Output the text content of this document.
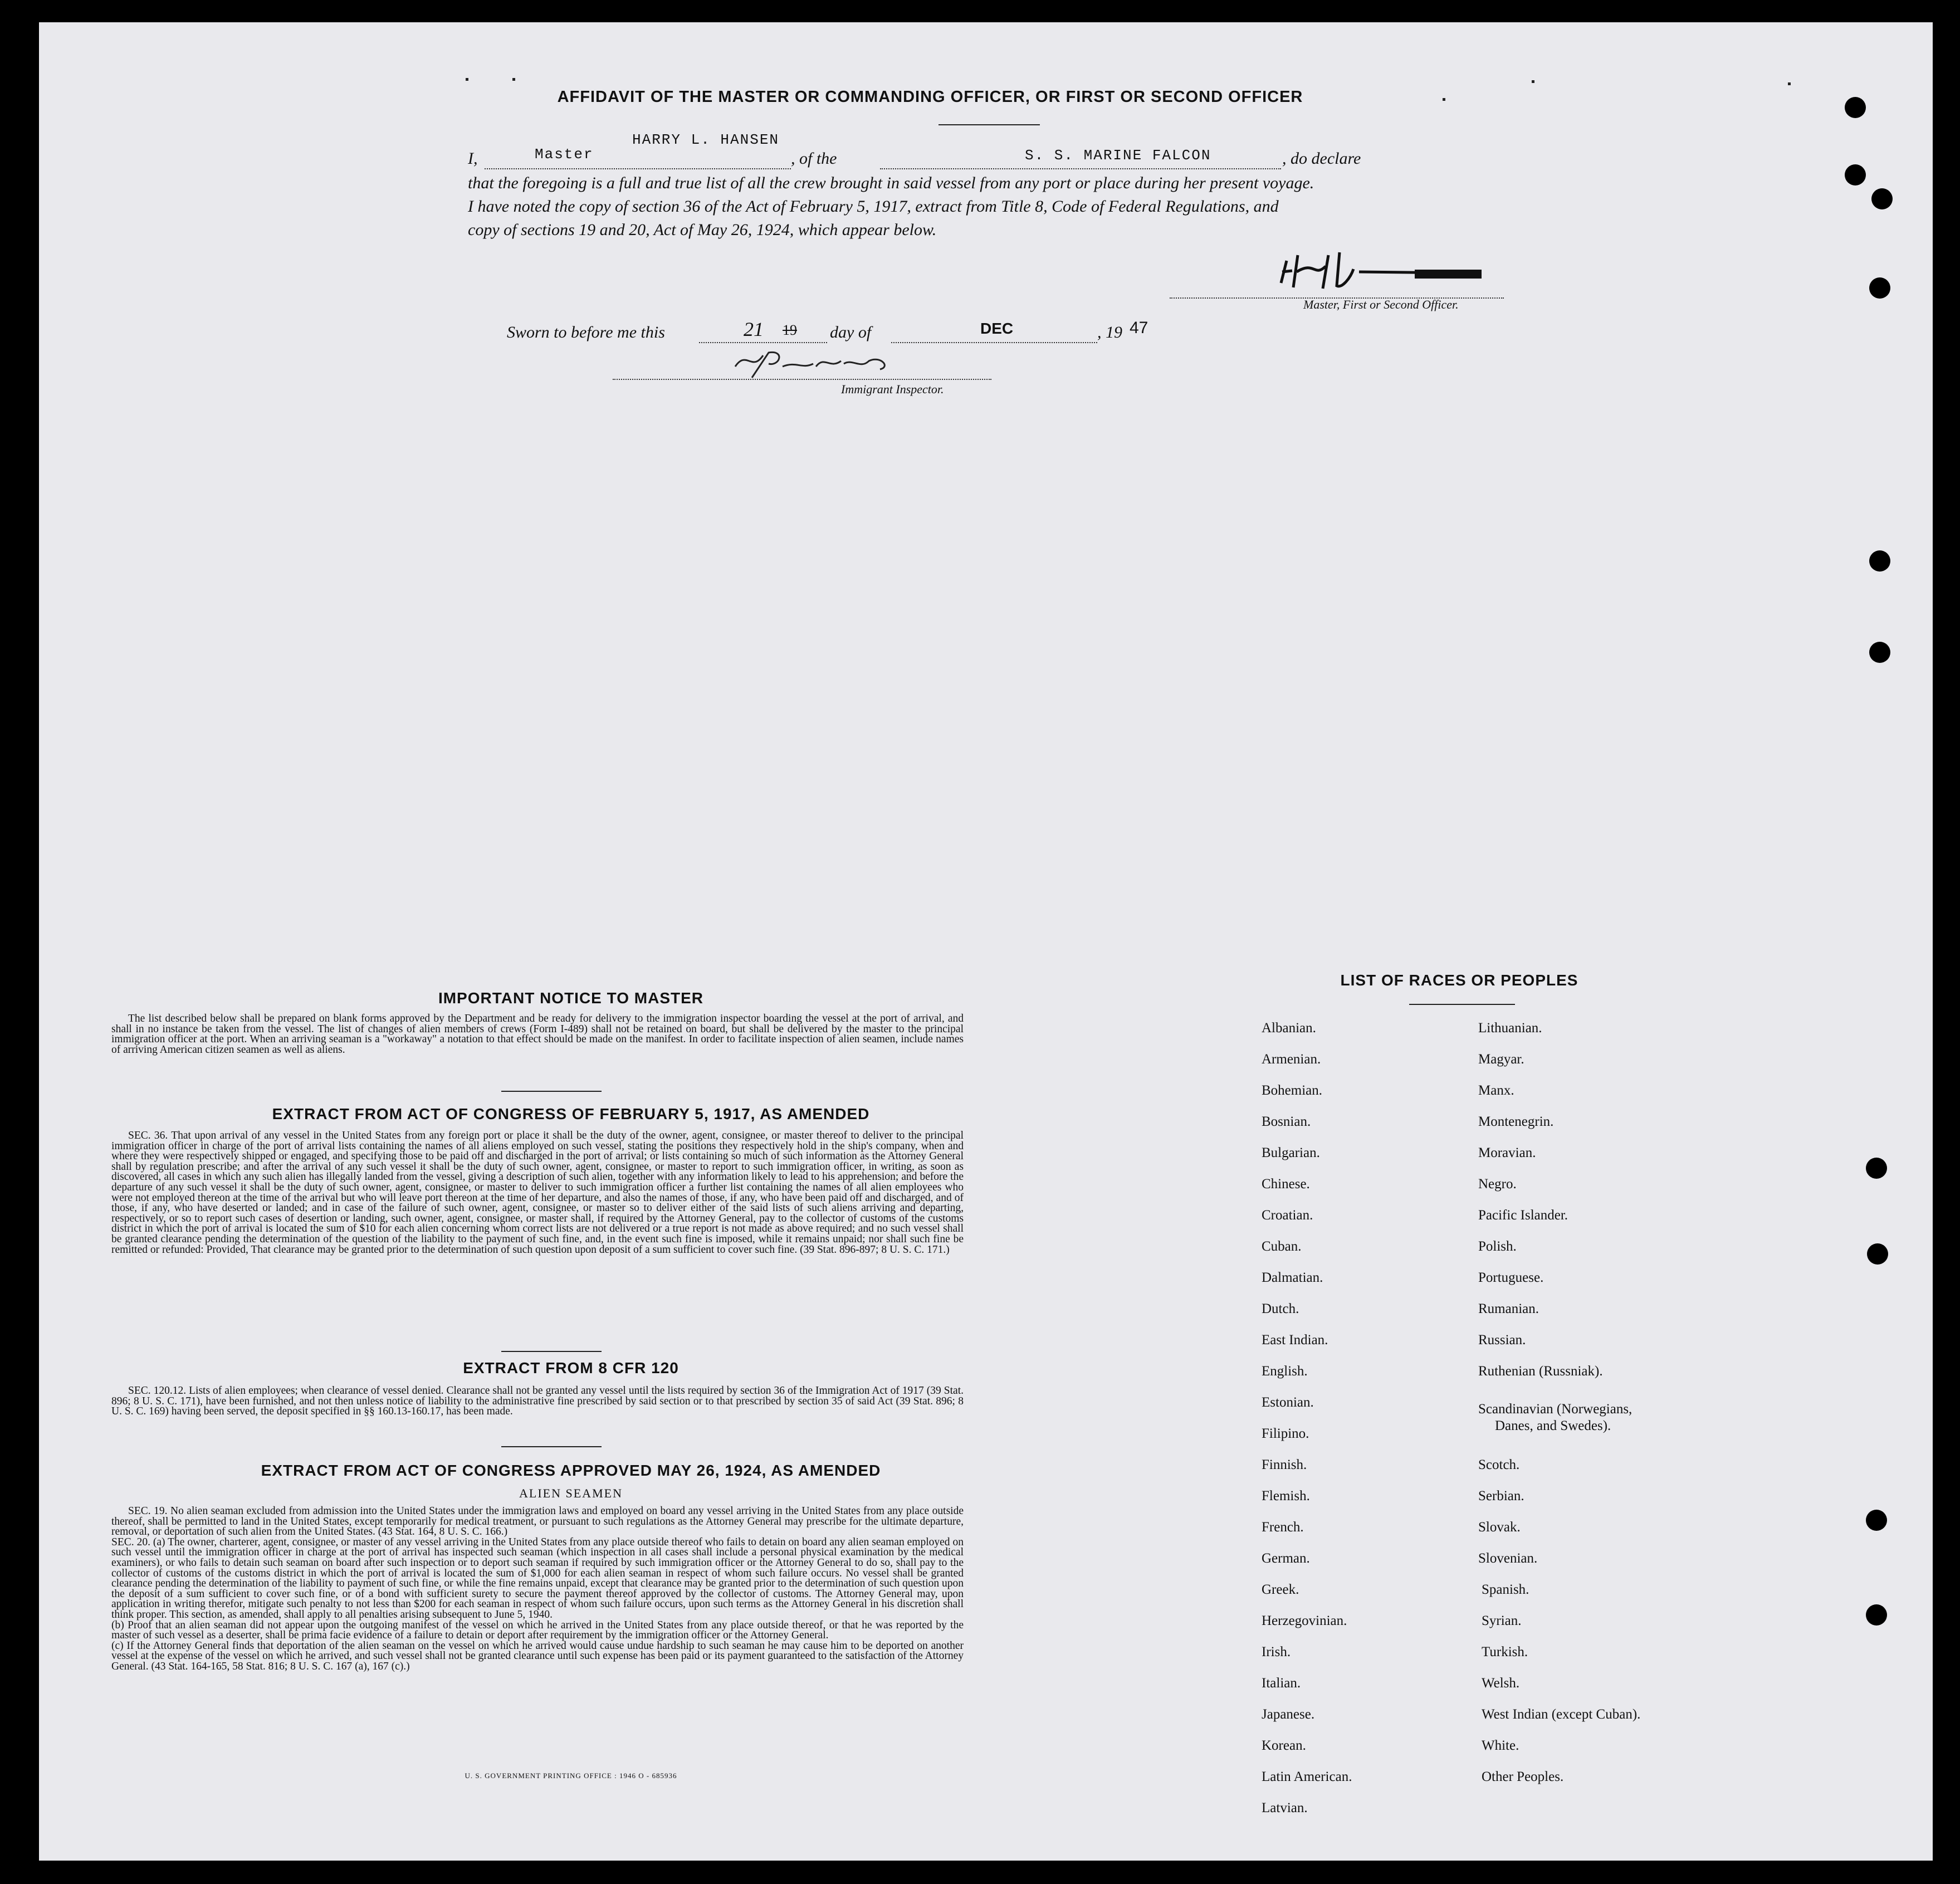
AFFIDAVIT OF THE MASTER OR COMMANDING OFFICER, OR FIRST OR SECOND OFFICER
HARRY L. HANSEN
I,	Master	, of the	S. S. MARINE FALCON	, do declare
that the foregoing is a full and true list of all the crew brought in said vessel from any port or place during her present voyage.
I have noted the copy of section 36 of the Act of February 5, 1917, extract from Title 8, Code of Federal Regulations, and
copy of sections 19 and 20, Act of May 26, 1924, which appear below.
Master, First or Second Officer.
Sworn to before me this	21 19 day of	DEC	, 19 47
Immigrant Inspector.
IMPORTANT NOTICE TO MASTER
The list described below shall be prepared on blank forms approved by the Department and be ready for delivery to the immigration inspector boarding the vessel at the port of arrival, and shall in no instance be taken from the vessel. The list of changes of alien members of crews (Form I-489) shall not be retained on board, but shall be delivered by the master to the principal immigration officer at the port. When an arriving seaman is a "workaway" a notation to that effect should be made on the manifest. In order to facilitate inspection of alien seamen, include names of arriving American citizen seamen as well as aliens.
EXTRACT FROM ACT OF CONGRESS OF FEBRUARY 5, 1917, AS AMENDED
SEC. 36. That upon arrival of any vessel in the United States from any foreign port or place it shall be the duty of the owner, agent, consignee, or master thereof to deliver to the principal immigration officer in charge of the port of arrival lists containing the names of all aliens employed on such vessel, stating the positions they respectively hold in the ship's company, when and where they were respectively shipped or engaged, and specifying those to be paid off and discharged in the port of arrival; or lists containing so much of such information as the Attorney General shall by regulation prescribe; and after the arrival of any such vessel it shall be the duty of such owner, agent, consignee, or master to report to such immigration officer, in writing, as soon as discovered, all cases in which any such alien has illegally landed from the vessel, giving a description of such alien, together with any information likely to lead to his apprehension; and before the departure of any such vessel it shall be the duty of such owner, agent, consignee, or master to deliver to such immigration officer a further list containing the names of all alien employees who were not employed thereon at the time of the arrival but who will leave port thereon at the time of her departure, and also the names of those, if any, who have been paid off and discharged, and of those, if any, who have deserted or landed; and in case of the failure of such owner, agent, consignee, or master so to deliver either of the said lists of such aliens arriving and departing, respectively, or so to report such cases of desertion or landing, such owner, agent, consignee, or master shall, if required by the Attorney General, pay to the collector of customs of the customs district in which the port of arrival is located the sum of $10 for each alien concerning whom correct lists are not delivered or a true report is not made as above required; and no such vessel shall be granted clearance pending the determination of the question of the liability to the payment of such fine, and, in the event such fine is imposed, while it remains unpaid; nor shall such fine be remitted or refunded: Provided, That clearance may be granted prior to the determination of such question upon deposit of a sum sufficient to cover such fine. (39 Stat. 896-897; 8 U. S. C. 171.)
EXTRACT FROM 8 CFR 120
SEC. 120.12. Lists of alien employees; when clearance of vessel denied. Clearance shall not be granted any vessel until the lists required by section 36 of the Immigration Act of 1917 (39 Stat. 896; 8 U. S. C. 171), have been furnished, and not then unless notice of liability to the administrative fine prescribed by said section or to that prescribed by section 35 of said Act (39 Stat. 896; 8 U. S. C. 169) having been served, the deposit specified in §§ 160.13-160.17, has been made.
EXTRACT FROM ACT OF CONGRESS APPROVED MAY 26, 1924, AS AMENDED
ALIEN SEAMEN
SEC. 19. No alien seaman excluded from admission into the United States under the immigration laws and employed on board any vessel arriving in the United States from any place outside thereof, shall be permitted to land in the United States, except temporarily for medical treatment, or pursuant to such regulations as the Attorney General may prescribe for the ultimate departure, removal, or deportation of such alien from the United States. (43 Stat. 164, 8 U. S. C. 166.)
SEC. 20. (a) The owner, charterer, agent, consignee, or master of any vessel arriving in the United States from any place outside thereof who fails to detain on board any alien seaman employed on such vessel until the immigration officer in charge at the port of arrival has inspected such seaman (which inspection in all cases shall include a personal physical examination by the medical examiners), or who fails to detain such seaman on board after such inspection or to deport such seaman if required by such immigration officer or the Attorney General to do so, shall pay to the collector of customs of the customs district in which the port of arrival is located the sum of $1,000 for each alien seaman in respect of whom such failure occurs. No vessel shall be granted clearance pending the determination of the liability to payment of such fine, or while the fine remains unpaid, except that clearance may be granted prior to the determination of such question upon the deposit of a sum sufficient to cover such fine, or of a bond with sufficient surety to secure the payment thereof approved by the collector of customs. The Attorney General may, upon application in writing therefor, mitigate such penalty to not less than $200 for each seaman in respect of whom such failure occurs, upon such terms as the Attorney General in his discretion shall think proper. This section, as amended, shall apply to all penalties arising subsequent to June 5, 1940.
(b) Proof that an alien seaman did not appear upon the outgoing manifest of the vessel on which he arrived in the United States from any place outside thereof, or that he was reported by the master of such vessel as a deserter, shall be prima facie evidence of a failure to detain or deport after requirement by the immigration officer or the Attorney General.
(c) If the Attorney General finds that deportation of the alien seaman on the vessel on which he arrived would cause undue hardship to such seaman he may cause him to be deported on another vessel at the expense of the vessel on which he arrived, and such vessel shall not be granted clearance until such expense has been paid or its payment guaranteed to the satisfaction of the Attorney General. (43 Stat. 164-165, 58 Stat. 816; 8 U. S. C. 167 (a), 167 (c).)
U. S. GOVERNMENT PRINTING OFFICE : 1946 O - 685936
LIST OF RACES OR PEOPLES
Albanian.
Armenian.
Bohemian.
Bosnian.
Bulgarian.
Chinese.
Croatian.
Cuban.
Dalmatian.
Dutch.
East Indian.
English.
Estonian.
Filipino.
Finnish.
Flemish.
French.
German.
Greek.
Herzegovinian.
Irish.
Italian.
Japanese.
Korean.
Latin American.
Latvian.
Lithuanian.
Magyar.
Manx.
Montenegrin.
Moravian.
Negro.
Pacific Islander.
Polish.
Portuguese.
Rumanian.
Russian.
Ruthenian (Russniak).
Scandinavian (Norwegians,
Danes, and Swedes).
Scotch.
Serbian.
Slovak.
Slovenian.
Spanish.
Syrian.
Turkish.
Welsh.
West Indian (except Cuban).
White.
Other Peoples.
